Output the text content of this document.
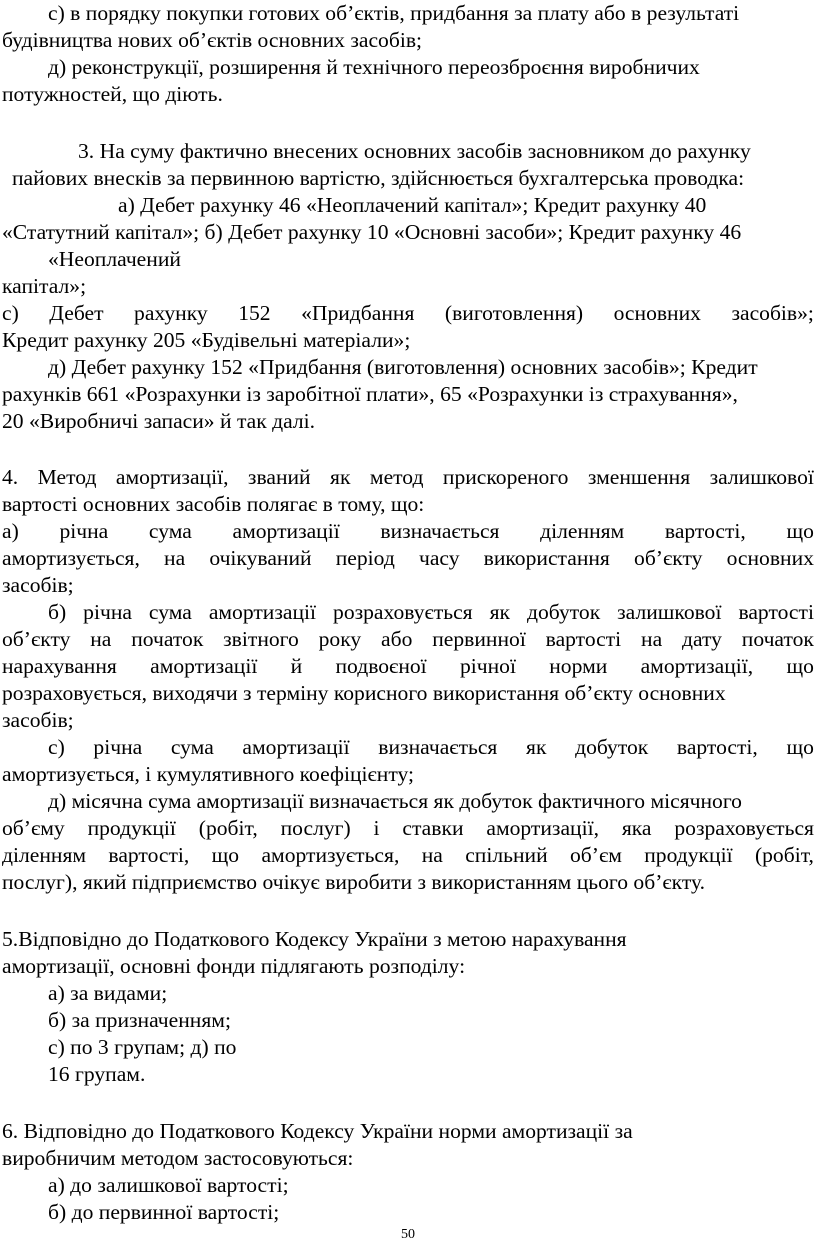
с) в порядку покупки готових об’єктів, придбання за плату або в результаті
будівництва нових об’єктів основних засобів;
д) реконструкції, розширення й технічного переозброєння виробничих
потужностей, що діють.
3. На суму фактично внесених основних засобів засновником до рахунку
пайових внесків за первинною вартістю, здійснюється бухгалтерська проводка:
а) Дебет рахунку 46 «Неоплачений капітал»; Кредит рахунку 40
«Статутний капітал»; б) Дебет рахунку 10 «Основні засоби»; Кредит рахунку 46
«Неоплачений
капітал»;
с) Дебет рахунку 152 «Придбання (виготовлення) основних засобів»;
Кредит рахунку 205 «Будівельні матеріали»;
д) Дебет рахунку 152 «Придбання (виготовлення) основних засобів»; Кредит
рахунків 661 «Розрахунки із заробітної плати», 65 «Розрахунки із страхування»,
20 «Виробничі запаси» й так далі.
4. Метод амортизації, званий як метод прискореного зменшення залишкової
вартості основних засобів полягає в тому, що:
а) річна сума амортизації визначається діленням вартості, що
амортизується, на очікуваний період часу використання об’єкту основних
засобів;
б) річна сума амортизації розраховується як добуток залишкової вартості
об’єкту на початок звітного року або первинної вартості на дату початок
нарахування амортизації й подвоєної річної норми амортизації, що
розраховується, виходячи з терміну корисного використання об’єкту основних
засобів;
с) річна сума амортизації визначається як добуток вартості, що
амортизується, і кумулятивного коефіцієнту;
д) місячна сума амортизації визначається як добуток фактичного місячного
об’єму продукції (робіт, послуг) і ставки амортизації, яка розраховується
діленням вартості, що амортизується, на спільний об’єм продукції (робіт,
послуг), який підприємство очікує виробити з використанням цього об’єкту.
5.Відповідно до Податкового Кодексу України з метою нарахування
амортизації, основні фонди підлягають розподілу:
а) за видами;
б) за призначенням;
с) по 3 групам; д) по
16 групам.
6. Відповідно до Податкового Кодексу України норми амортизації за
виробничим методом застосовуються:
а) до залишкової вартості;
б) до первинної вартості;
50
